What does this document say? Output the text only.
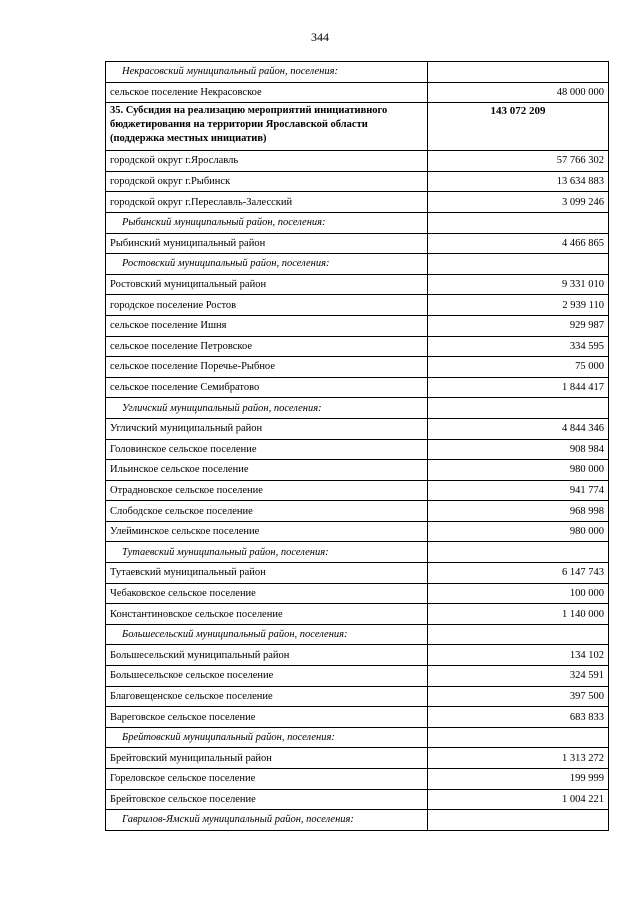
344
Некрасовский муниципальный район, поселения:	
сельское поселение Некрасовское	48 000 000
35. Субсидия на реализацию мероприятий инициативного бюджетирования на территории Ярославской области (поддержка местных инициатив)	143 072 209
городской округ г.Ярославль	57 766 302
городской округ г.Рыбинск	13 634 883
городской округ г.Переславль-Залесский	3 099 246
Рыбинский муниципальный район, поселения:	
Рыбинский муниципальный район	4 466 865
Ростовский муниципальный район, поселения:	
Ростовский муниципальный район	9 331 010
городское поселение Ростов	2 939 110
сельское поселение Ишня	929 987
сельское поселение Петровское	334 595
сельское поселение Поречье-Рыбное	75 000
сельское поселение Семибратово	1 844 417
Угличский муниципальный район, поселения:	
Угличский муниципальный район	4 844 346
Головинское сельское поселение	908 984
Ильинское сельское поселение	980 000
Отрадновское сельское поселение	941 774
Слободское сельское поселение	968 998
Улейминское сельское поселение	980 000
Тутаевский муниципальный район, поселения:	
Тутаевский муниципальный район	6 147 743
Чебаковское сельское поселение	100 000
Константиновское сельское поселение	1 140 000
Большесельский муниципальный район, поселения:	
Большесельский муниципальный район	134 102
Большесельское сельское поселение	324 591
Благовещенское сельское поселение	397 500
Вареговское сельское поселение	683 833
Брейтовский муниципальный район, поселения:	
Брейтовский муниципальный район	1 313 272
Гореловское сельское поселение	199 999
Брейтовское сельское поселение	1 004 221
Гаврилов-Ямский муниципальный район, поселения:	
